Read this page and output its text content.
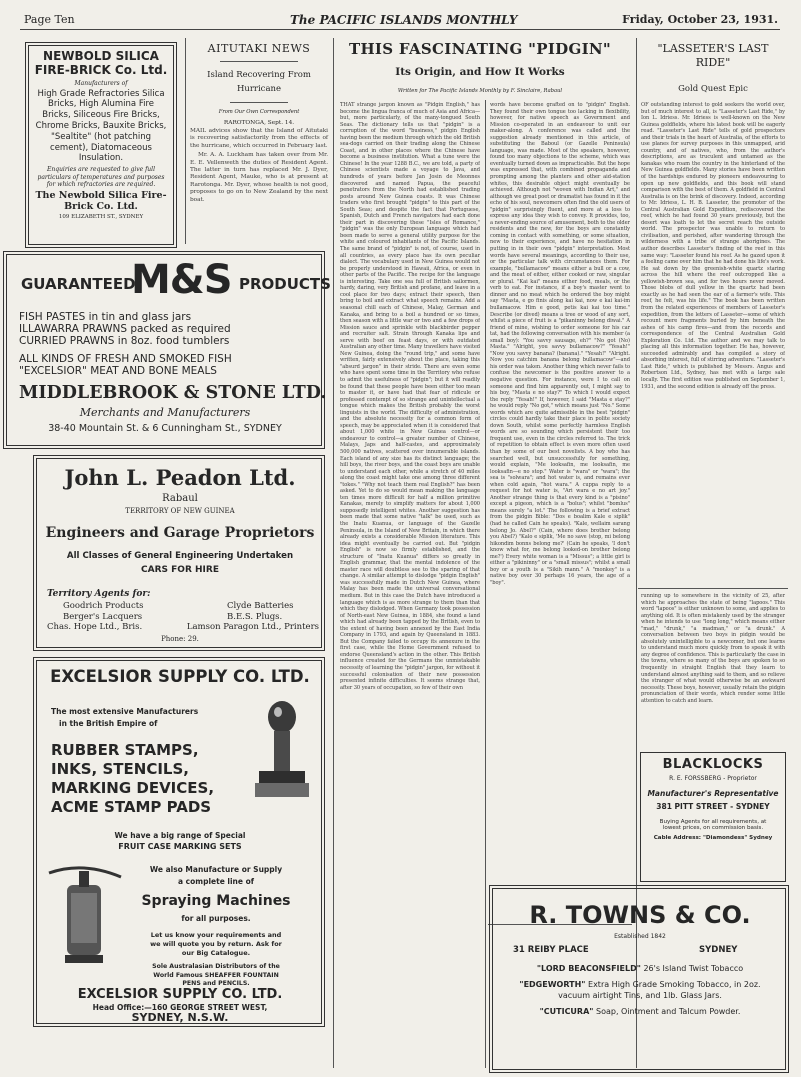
Page Ten	The PACIFIC ISLANDS MONTHLY	Friday, October 23, 1931.
NEWBOLD SILICA
FIRE-BRICK Co. Ltd.
Manufacturers of
High Grade Refractories Silica Bricks, High Alumina Fire Bricks, Siliceous Fire Bricks, Chrome Bricks, Bauxite Bricks, "Sealtite" (hot patching cement), Diatomaceous Insulation.
Enquiries are requested to give full particulars of temperatures and purposes for which refractories are required.
The Newbold Silica Fire-Brick Co. Ltd.
109 ELIZABETH ST., SYDNEY
GUARANTEED
M&S PRODUCTS
FISH PASTES in tin and glass jars
ILLAWARRA PRAWNS packed as required
CURRIED PRAWNS in 8oz. food tumblers
ALL KINDS OF FRESH AND SMOKED FISH
"EXCELSIOR" MEAT AND BONE MEALS
MIDDLEBROOK & STONE LTD.
Merchants and Manufacturers
38-40 Mountain St. & 6 Cunningham St., SYDNEY
John L. Peadon Ltd.
Rabaul
TERRITORY OF NEW GUINEA
Engineers and Garage Proprietors
All Classes of General Engineering Undertaken
CARS FOR HIRE
Territory Agents for:
Goodrich Products	Clyde Batteries
Berger's Lacquers	B.E.S. Plugs.
Chas. Hope Ltd., Bris.	Lamson Paragon Ltd., Printers
Phone: 29.
EXCELSIOR SUPPLY CO. LTD.
The most extensive Manufacturers
in the British Empire of
RUBBER STAMPS,
INKS, STENCILS,
MARKING DEVICES,
ACME STAMP PADS
We have a big range of Special
FRUIT CASE MARKING SETS
We also Manufacture or Supply
a complete line of
Spraying Machines
for all purposes.
Let us know your requirements and
we will quote you by return. Ask for
our Big Catalogue.
Sole Australasian Distributors of the
World Famous SHEAFFER FOUNTAIN
PENS and PENCILS.
EXCELSIOR SUPPLY CO. LTD.
Head Office:—160 GEORGE STREET WEST,
SYDNEY, N.S.W.
AITUTAKI NEWS
Island Recovering From
Hurricane
From Our Own Correspondent
RAROTONGA, Sept. 14.
MAIL advices show that the Island of Aitutaki is recovering satisfactorily from the effects of the hurricane, which occurred in February last.
Mr. A. A. Luckham has taken over from Mr. E. E. Vellenweth the duties of Resident Agent. The latter in turn has replaced Mr. J. Dyer, Resident Agent, Mauke, who is at present at Rarotonga. Mr. Dyer, whose health is not good, proposes to go on to New Zealand by the next boat.
THIS FASCINATING "PIDGIN"
Its Origin, and How It Works
Written for The Pacific Islands Monthly by F. Sinclaire, Rabaul
THAT strange jargon known as "Pidgin English," has become the lingua franca of much of Asia and Africa—but, more particularly, of the many-tongued South Seas. The dictionary tells us that "pidgin" is a corruption of the word "business," pidgin English having been the medium through which the old British sea-dogs carried on their trading along the Chinese Coast, and in other places where the Chinese have become a business institution. What a tune were the Chinese! In the year 1288 B.C., we are told, a party of Chinese scientists made a voyage to Java, and hundreds of years before Jan Josin de Meonnes discovered and named Papua, the peaceful penetrators from the North had established trading posts around New Guinea coasts. It was Chinese traders who first brought "pidgin" to this part of the South Seas; and despite the fact that Portuguese, Spanish, Dutch and French navigators had each done their part in discovering these "Isles of Romance," "pidgin" was the only European language which had been made to serve a general utility purpose for the white and coloured inhabitants of the Pacific Islands. The same brand of "pidgin" is not, of course, used in all countries, as every place has its own peculiar dialect. The vocabulary used in New Guinea would not be properly understood in Hawaii, Africa, or even in other parts of the Pacific. The recipe for the language is interesting. Take one sea full of British sailormen, hardy, daring, very British and profane, and leave in a cool place for two days; extract their speech, then bring to boil and extract what speech remains. Add a seasonal chill each of Chinese, Malay, German and Kanaka, and bring to a boil a hundred or so times, then season with a little war or two and a few drops of Mission sauce and sprinkle with blackbirder pepper and recruiter salt. Strain through Kanaka lips and serve with beef on feast days, or with outdated Australian any other time. Many travellers have visited New Guinea, doing the "round trip," and some have written, fairly extensively about the place, taking this "absurd jargon" in their stride. There are even some who have spent some time in the Territory who refuse to admit the usefulness of "pidgin"; but it will readily be found that these people have been either too mean to master it, or have had that fear of ridicule or professed contempt of so strange and unintellectual a tongue which makes the British probably the worst linguists in the world. The difficulty of administration, and the absolute necessity for a common form of speech, may be appreciated when it is considered that about 1,000 white in New Guinea control—or endeavour to control—a greater number of Chinese, Malays, Japs and half-castes, and approximately 500,000 natives, scattered over innumerable islands. Each island of any size has its distinct language; the hill boys, the river boys, and the coast boys are unable to understand each other, while a stretch of 40 miles along the coast might take one among three different "tokes." "Why not teach them real English?" has been asked. Yet to do so would mean making the language ten times more difficult for half a million primitive Kanakas, merely to simplify matters for about 1,000 supposedly intelligent whites. Another suggestion has been made that some native "talk" be used, such as the Inatu Kuanua, or language of the Gazelle Peninsula, in the Island of New Britain, in which there already exists a considerable Mission literature. This idea might eventually be carried out. But "pidgin English" is now so firmly established, and the structure of "Inatu Kuanua" differs so greatly in English grammar, that the mental indolence of the master race will doubtless see to the sparing of that change. A similar attempt to dislodge "pidgin English" was successfully made in Dutch New Guinea, where Malay has been made the universal conversational medium. But in this case the Dutch have introduced a language which is as more strange to them than that which they dislodged. When Germany took possession of North-east New Guinea, in 1884, she found a land which had already been tapped by the British, even to the extent of having been annexed by the East India Company in 1793, and again by Queensland in 1883. But the Company failed to occupy its annexure in the first case, while the Home Government refused to endorse Queensland's action in the other. This British influence created for the Germans the unmistakable necessity of learning the "pidgin" jargon, for without it successful colonisation of their new possession presented infinite difficulties. It seems strange that, after 30 years of occupation, so few of their own
words have become grafted on to "pidgin" English. They found their own tongue too lacking in flexibility, however, for native speech as Government and Mission co-operated in an endeavour to unit our maker-along. A conference was called and the suggestion already mentioned in this article, of substituting the Baboul (or Gazelle Peninsula) language, was made. Most of the speakers, however, found too many objections to the scheme, which was eventually turned down as impracticable. But the hope was expressed that, with combined propaganda and prompting among the planters and other aid-station whites, this desirable object might eventually be achieved. Although not "woven with Indian Art," and although we great poet or dramatist has found in it the echo of his soul, newcomers often find the old users of "pidgin" surprisingly fluent, and more at a loss to express any idea they wish to convey. It provides, too, a never-ending source of amusement, both to the older residents and the new, for the boys are constantly coming in contact with something, or some situation, new to their experience, and have no hesitation in putting in in their own "pidgin" interpretation. Most words have several meanings, according to their use, or the particular talk with circumstances them. For example, "bullamacow" means either a bull or a cow, and the meat of either, either cooked or raw, singular or plural. "Kai kai" means either food, meals, or the verb to eat. For instance, if a boy's master went to dinner and no meat which he ordered the boy might say "Masta, e go finis along kai kai, now e kai kai-im bullamacow. Him e good, petis kai kai too time." Describe (or dived) means a tree or wood of any sort, whilst a piece of fruit is a "pikaninny belong diwai." A friend of mine, wishing to order someone for his car tat, had the following conversation with his member (a small boy): "You savvy sausage, eh?" "No got (No) Masta." "Alright, you savvy bullamacow?" "Yesah!" "Now you savvy banana? (banana)." "Yesah!" "Alright. Now you catchim banana belong bullamacow"—and his order was taken. Another thing which never fails to confuse the newcomer is the positive answer to a negative question. For instance, were I to call on someone and find him apparently out, I might say to his boy, "Masta e no stay?" To which I would expect the reply "Yesah!" If, however, I said "Masta e stay?" he would reply "No got," which means just "No." Some words which are quite admissible in the best "pidgin" circles could hardly take their place in polite society down South, whilst some perfectly harmless English words are so sounding which persistent their too frequent use, even in the circles referred to. The trick of repetition to obtain effect is even more often used than by some of our best novelists. A boy who has searched well, but unsuccessfully for something, would explain, "Me looksafin, me looksafin, me looksafin—e no stop." Water is "wara" or "wara"; the sea is "solwara"; and hot water is, and remains ever when cold again, "hot wara." A cuppa reply to a request for hot water is, "Ari wara e no art joy." Another strange thing is that every kind is a "pisino" except a pigeon, which is a "bolus"; whilst "bomlus" means surely "a lot." The following is a brief extract from the pidgin Bible: "Dos e boalim Kale e siplik" (had he called Cain he speaks). "Kale, wellaim sarang belong Jo. Abel?" (Cain, where does brother belong you Abel?) "Kalo e siplik, 'Me no save (stop, mi belong hikondim bonns belong me?' (Cain he speaks, 'I don't know what for, me belong looked-on brother belong me?') Every white woman is a "Missus"; a little girl is either a "pikininny" or a "small missus"; whilst a small boy or a youth is a "Sikih mann." A "monkey" is a native boy over 30 perhaps 16 years, the age of a "boy".
"LASSETER'S LAST
RIDE"
Gold Quest Epic
OF outstanding interest to gold seekers the world over, but of much interest to all, is "Lasseter's Last Ride," by Ion L. Idriess. Mr. Idriess is well-known on the New Guinea goldfields, where his latest book will be eagerly read. "Lasseter's Last Ride" tells of gold prospectors and their trials in the heart of Australia, of the efforts to use planes for survey purposes in this unmapped, arid country, and of natives, who, from the author's descriptions, are as truculent and untamed as the kanakas who roam the country in the hinterland of the New Guinea goldfields. Many stories have been written of the hardships endured by pioneers endeavouring to open up new goldfields, and this book will stand comparison with the best of them. A goldfield in Central Australia is on the brink of discovery. Indeed, according to Mr. Idriess, L. H. B. Lasseter, the promoter of the Central Australian Gold Expedition, rediscovered the reef, which he had found 30 years previously, but the desert was loath to let the secret reach the outside world. The prospector was unable to return to civilisation, and perished, after wandering through the wilderness with a tribe of strange aborigines. The author describes Lasseter's finding of the reef in this same way: "Lasseter found his reef. As he gazed upon it a feeling came over him that he had done his life's work. He sat down by the greenish-white quartz staring across the hill where the reef outcropped like a yellowish-brown sea, and for two hours never moved. Those blobs of dull yellow in the quartz had been exactly as he had seen the ear of a farmer's wife. This reef, he felt, was his life." The book has been written from the related experiences of members of Lasseter's expedition, from the letters of Lasseter—some of which recount mere fragments buried by him beneath the ashes of his camp fires—and from the records and correspondence of the Central Australian Gold Exploration Co. Ltd. The author and we may talk to placing all this information together. He has, however, succeeded admirably and has compiled a story of absorbing interest, full of stirring adventure. "Lasseter's Last Ride," which is published by Messrs. Angus and Robertson Ltd., Sydney, has met with a large sale locally. The first edition was published on September 1, 1931, and the second edition is already off the press.
running up to somewhere in the vicinity of 25, after which he approaches the state of being "lapoos." This word "lapoos" is either unknown to some, and applies to anything old. It is often mistakenly used by the stranger when he intends to use "long long," which means either "mad," "drunk," "a madman," or "a drunk." A conversation between two boys in pidgin would be absolutely unintelligible to a newcomer, but one learns to understand much more quickly from to speak it with any degree of confidence. This is particularly the case in the towns, where so many of the boys are spoken to so frequently in straight English that they learn to understand almost anything said to them, and so relieve the stranger of what would otherwise be an awkward necessity. These boys, however, usually retain the pidgin pronunciation of their words, which render some little attention to catch and learn.
BLACKLOCKS
R. E. FORSSBERG - Proprietor
Manufacturer's Representative
381 PITT STREET - SYDNEY
Buying Agents for all requirements, at
lowest prices, on commission basis.
Cable Address: "Diamondess" Sydney
R. TOWNS & CO.
Established 1842
31 REIBY PLACE	SYDNEY
"LORD BEACONSFIELD" 26's Island Twist Tobacco
"EDGEWORTH" Extra High Grade Smoking Tobacco, in 2oz. vacuum airtight Tins, and 1lb. Glass Jars.
"CUTICURA" Soap, Ointment and Talcum Powder.
